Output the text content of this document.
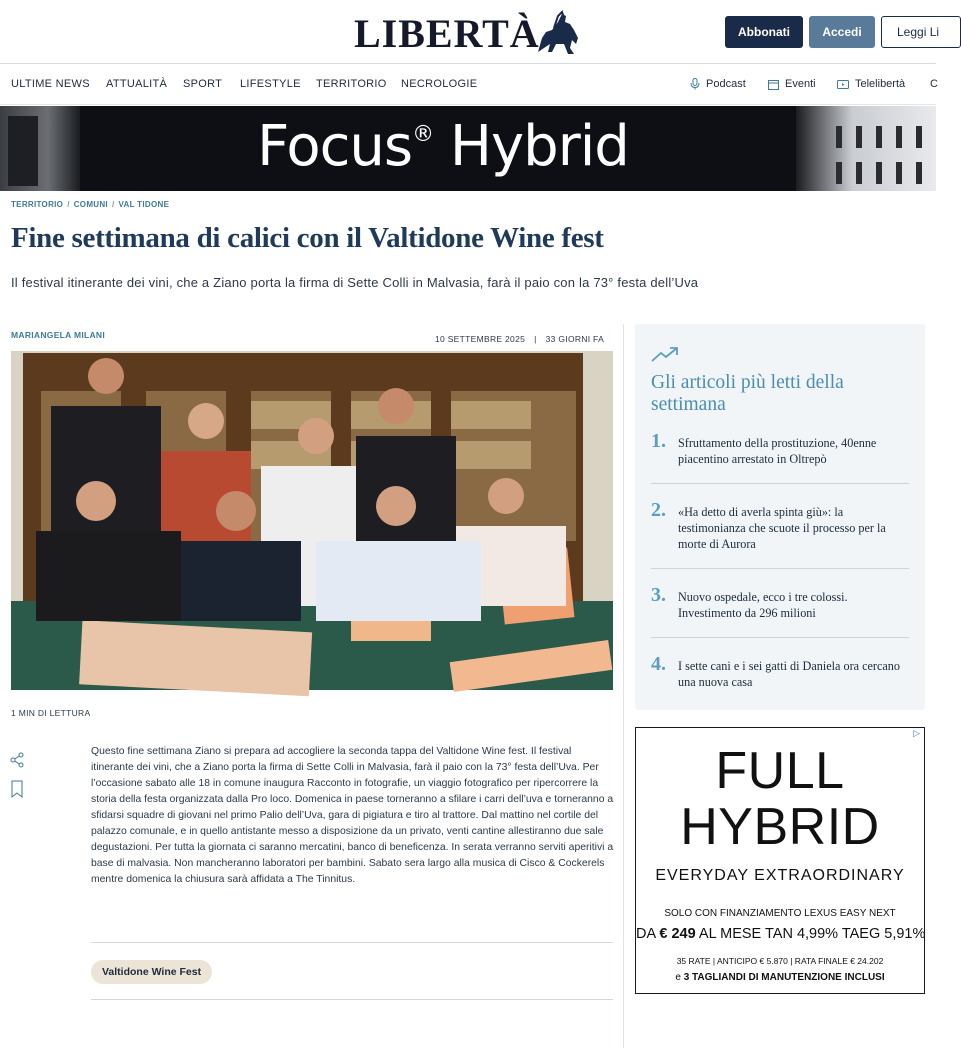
LIBERTÀ	Abbonati	Accedi	Leggi Li
ULTIME NEWS ATTUALITÀ SPORT LIFESTYLE TERRITORIO NECROLOGIE	Podcast	Eventi	Telelibertà C
Focus® Hybrid
TERRITORIO / COMUNI / VAL TIDONE
Fine settimana di calici con il Valtidone Wine fest
Il festival itinerante dei vini, che a Ziano porta la firma di Sette Colli in Malvasia, farà il paio con la 73° festa dell’Uva
MARIANGELA MILANI	10 SETTEMBRE 2025 | 33 GIORNI FA
1 MIN DI LETTURA
Questo fine settimana Ziano si prepara ad accogliere la seconda tappa del Valtidone Wine fest. Il festival itinerante dei vini, che a Ziano porta la firma di Sette Colli in Malvasia, farà il paio con la 73° festa dell’Uva. Per l’occasione sabato alle 18 in comune inaugura Racconto in fotografie, un viaggio fotografico per ripercorrere la storia della festa organizzata dalla Pro loco. Domenica in paese torneranno a sfilare i carri dell’uva e torneranno a sfidarsi squadre di giovani nel primo Palio dell’Uva, gara di pigiatura e tiro al trattore. Dal mattino nel cortile del palazzo comunale, e in quello antistante messo a disposizione da un privato, venti cantine allestiranno due sale degustazioni. Per tutta la giornata ci saranno mercatini, banco di beneficenza. In serata verranno serviti aperitivi a base di malvasia. Non mancheranno laboratori per bambini. Sabato sera largo alla musica di Cisco & Cockerels mentre domenica la chiusura sarà affidata a The Tinnitus.
Valtidone Wine Fest
Gli articoli più letti della settimana
1. Sfruttamento della prostituzione, 40enne piacentino arrestato in Oltrepò
2. «Ha detto di averla spinta giù»: la testimonianza che scuote il processo per la morte di Aurora
3. Nuovo ospedale, ecco i tre colossi. Investimento da 296 milioni
4. I sette cani e i sei gatti di Daniela ora cercano una nuova casa
▷
FULL
HYBRID
EVERYDAY EXTRAORDINARY
SOLO CON FINANZIAMENTO LEXUS EASY NEXT
DA € 249 AL MESE TAN 4,99% TAEG 5,91%
35 RATE | ANTICIPO € 5.870 | RATA FINALE € 24.202
e 3 TAGLIANDI DI MANUTENZIONE INCLUSI
